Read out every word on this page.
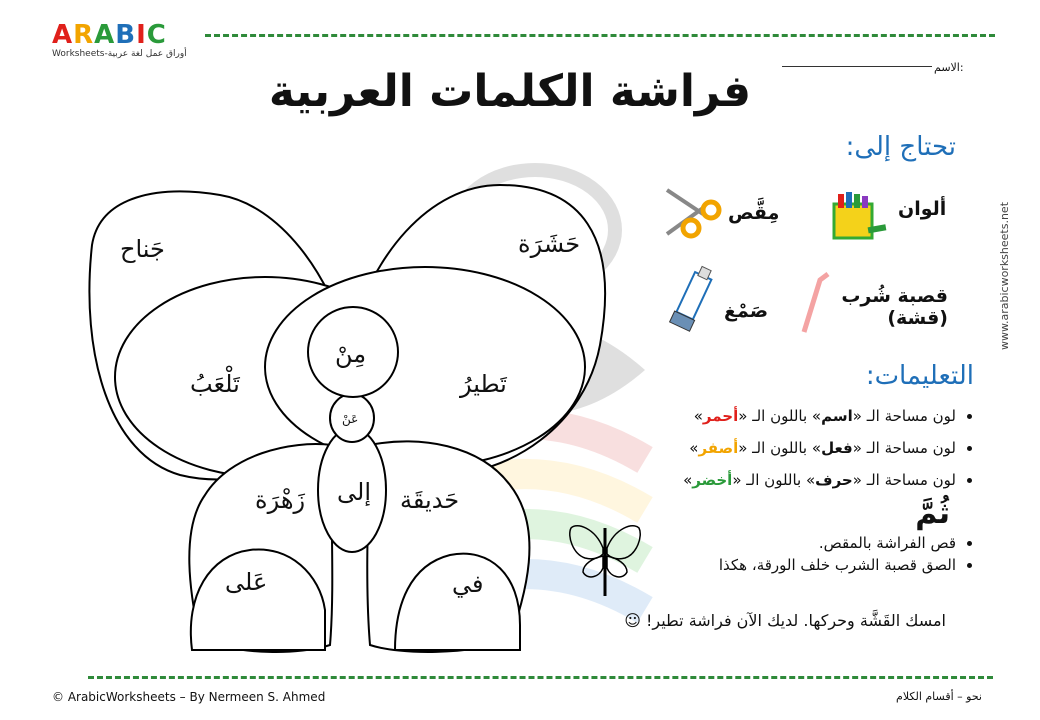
ARABIC
Worksheets-أوراق عمل لغة عربية
الاسم:
فراشة الكلمات العربية
جَناح	حَشَرَة
مِنْ
تَلْعَبُ	تَطيرُ
عَنْ
إلى
زَهْرَة	حَديقَة
عَلى	في
تحتاج إلى:
ألوان
مِقَّص
قصبة شُرب
(قشة)
صَمْغ
التعليمات:
• لون مساحة الـ «اسم» باللون الـ «أحمر»
• لون مساحة الـ «فعل» باللون الـ «أصفر»
• لون مساحة الـ «حرف» باللون الـ «أخضر»
ثُمَّ
• قص الفراشة بالمقص.
• الصق قصبة الشرب خلف الورقة، هكذا
امسك القَشَّة وحركها. لديك الآن فراشة تطير! ☺
www.arabicworksheets.net
© ArabicWorksheets – By Nermeen S. Ahmed	نحو – أقسام الكلام
